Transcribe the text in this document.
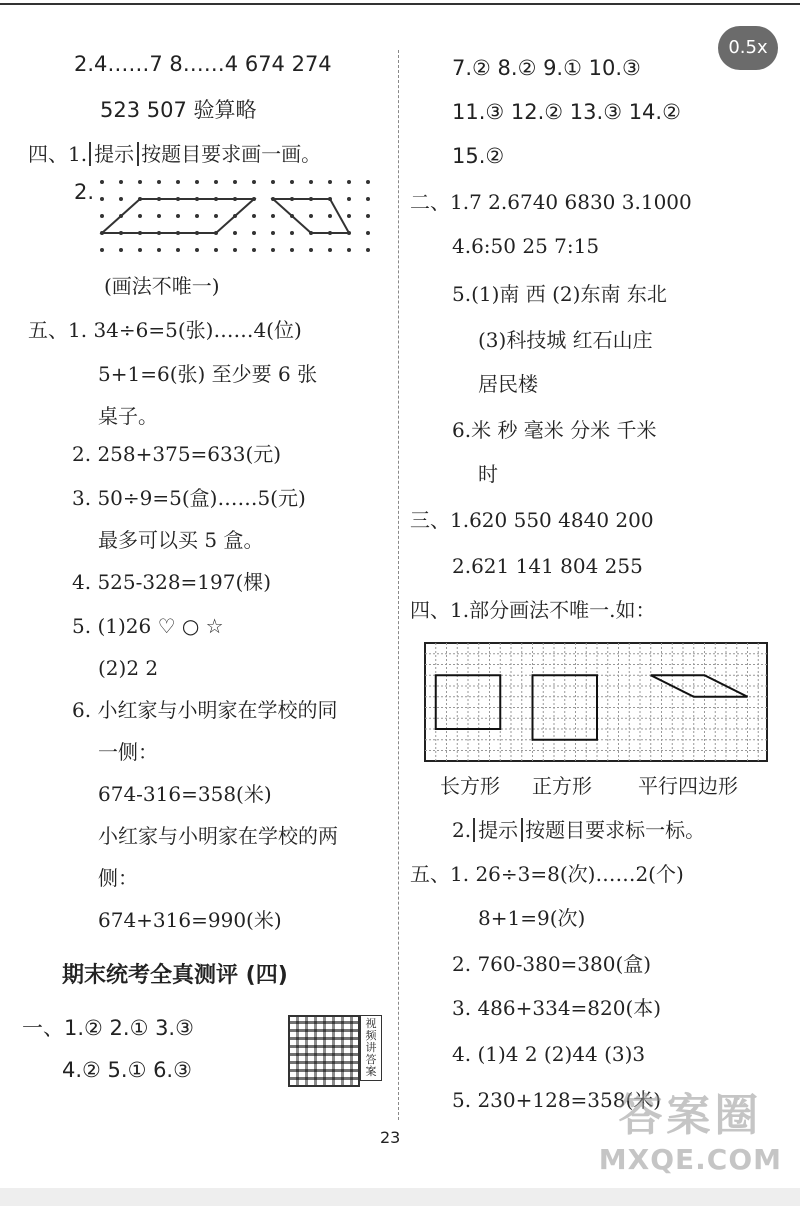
0.5x
2.4……7 8……4 674 274
523 507 验算略
四、1. 提示 按题目要求画一画。
2.
(画法不唯一)
五、1. 34÷6=5(张)……4(位)
5+1=6(张) 至少要 6 张
桌子。
2. 258+375=633(元)
3. 50÷9=5(盒)……5(元)
最多可以买 5 盒。
4. 525-328=197(棵)
5. (1)26 ♡ ○ ☆
(2)2 2
6. 小红家与小明家在学校的同
一侧：
674-316=358(米)
小红家与小明家在学校的两
侧：
674+316=990(米)
期末统考全真测评 (四)
一、1.② 2.① 3.③
4.② 5.① 6.③
视频讲答案
7.② 8.② 9.① 10.③
11.③ 12.② 13.③ 14.②
15.②
二、1.7 2.6740 6830 3.1000
4.6:50 25 7:15
5.(1)南 西 (2)东南 东北
(3)科技城 红石山庄
居民楼
6.米 秒 毫米 分米 千米
时
三、1.620 550 4840 200
2.621 141 804 255
四、1.部分画法不唯一.如：
长方形 正方形 平行四边形
2. 提示 按题目要求标一标。
五、1. 26÷3=8(次)……2(个)
8+1=9(次)
2. 760-380=380(盒)
3. 486+334=820(本)
4. (1)4 2 (2)44 (3)3
5. 230+128=358(米)
23	答案圈
MXQE.COM
